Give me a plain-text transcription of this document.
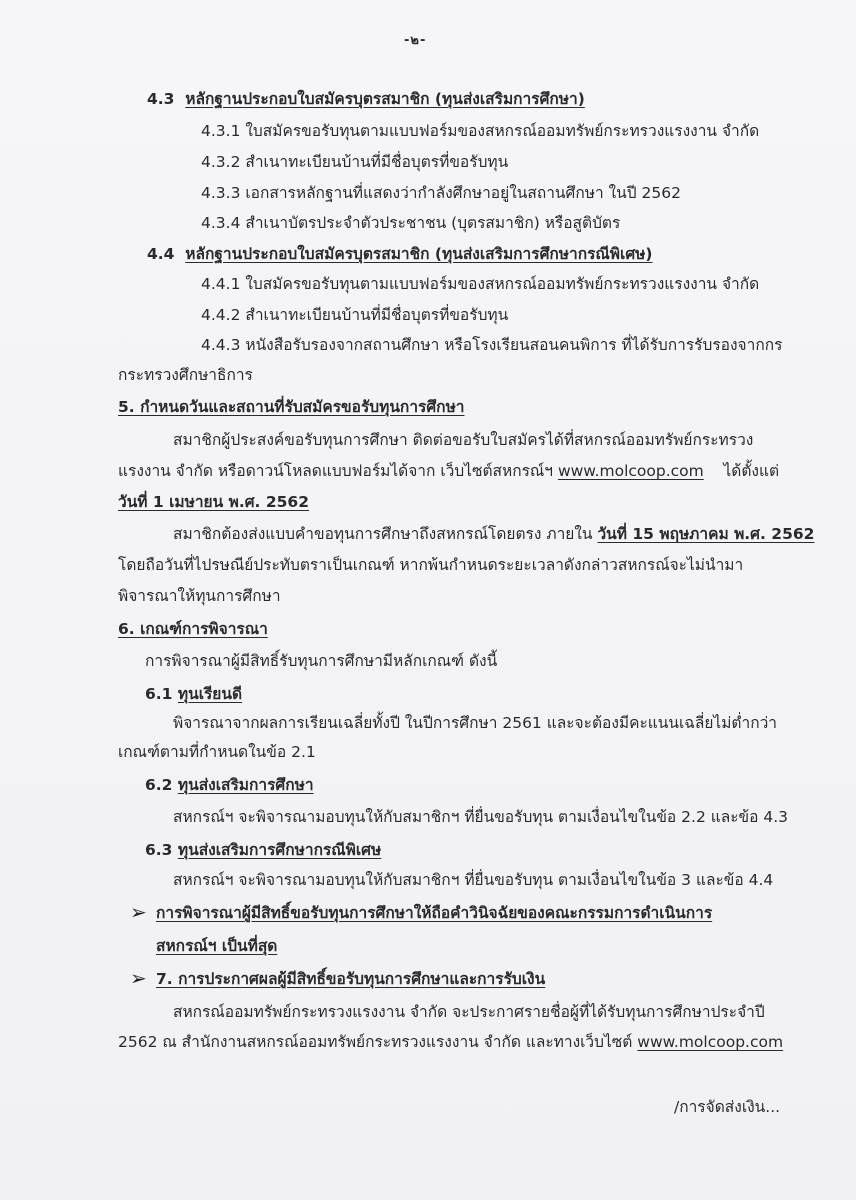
-๒-
4.3 หลักฐานประกอบใบสมัครบุตรสมาชิก (ทุนส่งเสริมการศึกษา)
4.3.1 ใบสมัครขอรับทุนตามแบบฟอร์มของสหกรณ์ออมทรัพย์กระทรวงแรงงาน จำกัด
4.3.2 สำเนาทะเบียนบ้านที่มีชื่อบุตรที่ขอรับทุน
4.3.3 เอกสารหลักฐานที่แสดงว่ากำลังศึกษาอยู่ในสถานศึกษา ในปี 2562
4.3.4 สำเนาบัตรประจำตัวประชาชน (บุตรสมาชิก) หรือสูติบัตร
4.4 หลักฐานประกอบใบสมัครบุตรสมาชิก (ทุนส่งเสริมการศึกษากรณีพิเศษ)
4.4.1 ใบสมัครขอรับทุนตามแบบฟอร์มของสหกรณ์ออมทรัพย์กระทรวงแรงงาน จำกัด
4.4.2 สำเนาทะเบียนบ้านที่มีชื่อบุตรที่ขอรับทุน
4.4.3 หนังสือรับรองจากสถานศึกษา หรือโรงเรียนสอนคนพิการ ที่ได้รับการรับรองจากกร
กระทรวงศึกษาธิการ
5. กำหนดวันและสถานที่รับสมัครขอรับทุนการศึกษา
สมาชิกผู้ประสงค์ขอรับทุนการศึกษา ติดต่อขอรับใบสมัครได้ที่สหกรณ์ออมทรัพย์กระทรวง
แรงงาน จำกัด หรือดาวน์โหลดแบบฟอร์มได้จาก เว็บไซต์สหกรณ์ฯ www.molcoop.com ได้ตั้งแต่
วันที่ 1 เมษายน พ.ศ. 2562
สมาชิกต้องส่งแบบคำขอทุนการศึกษาถึงสหกรณ์โดยตรง ภายใน วันที่ 15 พฤษภาคม พ.ศ. 2562
โดยถือวันที่ไปรษณีย์ประทับตราเป็นเกณฑ์ หากพ้นกำหนดระยะเวลาดังกล่าวสหกรณ์จะไม่นำมา
พิจารณาให้ทุนการศึกษา
6. เกณฑ์การพิจารณา
การพิจารณาผู้มีสิทธิ์รับทุนการศึกษามีหลักเกณฑ์ ดังนี้
6.1 ทุนเรียนดี
พิจารณาจากผลการเรียนเฉลี่ยทั้งปี ในปีการศึกษา 2561 และจะต้องมีคะแนนเฉลี่ยไม่ต่ำกว่า
เกณฑ์ตามที่กำหนดในข้อ 2.1
6.2 ทุนส่งเสริมการศึกษา
สหกรณ์ฯ จะพิจารณามอบทุนให้กับสมาชิกฯ ที่ยื่นขอรับทุน ตามเงื่อนไขในข้อ 2.2 และข้อ 4.3
6.3 ทุนส่งเสริมการศึกษากรณีพิเศษ
สหกรณ์ฯ จะพิจารณามอบทุนให้กับสมาชิกฯ ที่ยื่นขอรับทุน ตามเงื่อนไขในข้อ 3 และข้อ 4.4
➢ การพิจารณาผู้มีสิทธิ์ขอรับทุนการศึกษาให้ถือคำวินิจฉัยของคณะกรรมการดำเนินการ
สหกรณ์ฯ เป็นที่สุด
➢ 7. การประกาศผลผู้มีสิทธิ์ขอรับทุนการศึกษาและการรับเงิน
สหกรณ์ออมทรัพย์กระทรวงแรงงาน จำกัด จะประกาศรายชื่อผู้ที่ได้รับทุนการศึกษาประจำปี
2562 ณ สำนักงานสหกรณ์ออมทรัพย์กระทรวงแรงงาน จำกัด และทางเว็บไซต์ www.molcoop.com
/การจัดส่งเงิน...
